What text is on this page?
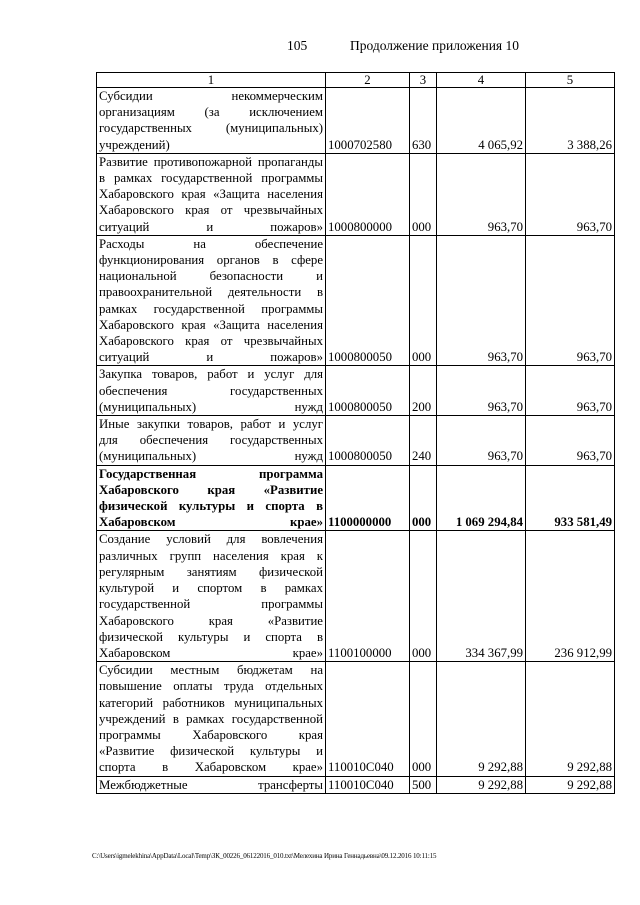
105	Продолжение приложения 10
1	2	3	4	5
Субсидии некоммерческим организациям (за исключением государственных (муниципальных) учреждений)	1000702580	630	4 065,92	3 388,26
Развитие противопожарной пропаганды в рамках государственной программы Хабаровского края «Защита населения Хабаровского края от чрезвычайных ситуаций и пожаров»	1000800000	000	963,70	963,70
Расходы на обеспечение функционирования органов в сфере национальной безопасности и правоохранительной деятельности в рамках государственной программы Хабаровского края «Защита населения Хабаровского края от чрезвычайных ситуаций и пожаров»	1000800050	000	963,70	963,70
Закупка товаров, работ и услуг для обеспечения государственных (муниципальных) нужд	1000800050	200	963,70	963,70
Иные закупки товаров, работ и услуг для обеспечения государственных (муниципальных) нужд	1000800050	240	963,70	963,70
Государственная программа Хабаровского края «Развитие физической культуры и спорта в Хабаровском крае»	1100000000	000	1 069 294,84	933 581,49
Создание условий для вовлечения различных групп населения края к регулярным занятиям физической культурой и спортом в рамках государственной программы Хабаровского края «Развитие физической культуры и спорта в Хабаровском крае»	1100100000	000	334 367,99	236 912,99
Субсидии местным бюджетам на повышение оплаты труда отдельных категорий работников муниципальных учреждений в рамках государственной программы Хабаровского края «Развитие физической культуры и спорта в Хабаровском крае»	110010С040	000	9 292,88	9 292,88
Межбюджетные трансферты	110010С040	500	9 292,88	9 292,88
C:\Users\igmelekhina\AppData\Local\Temp\ЗК_00226_06122016_010.txt\Мелехина Ирина Геннадьевна\09.12.2016 10:11:15
